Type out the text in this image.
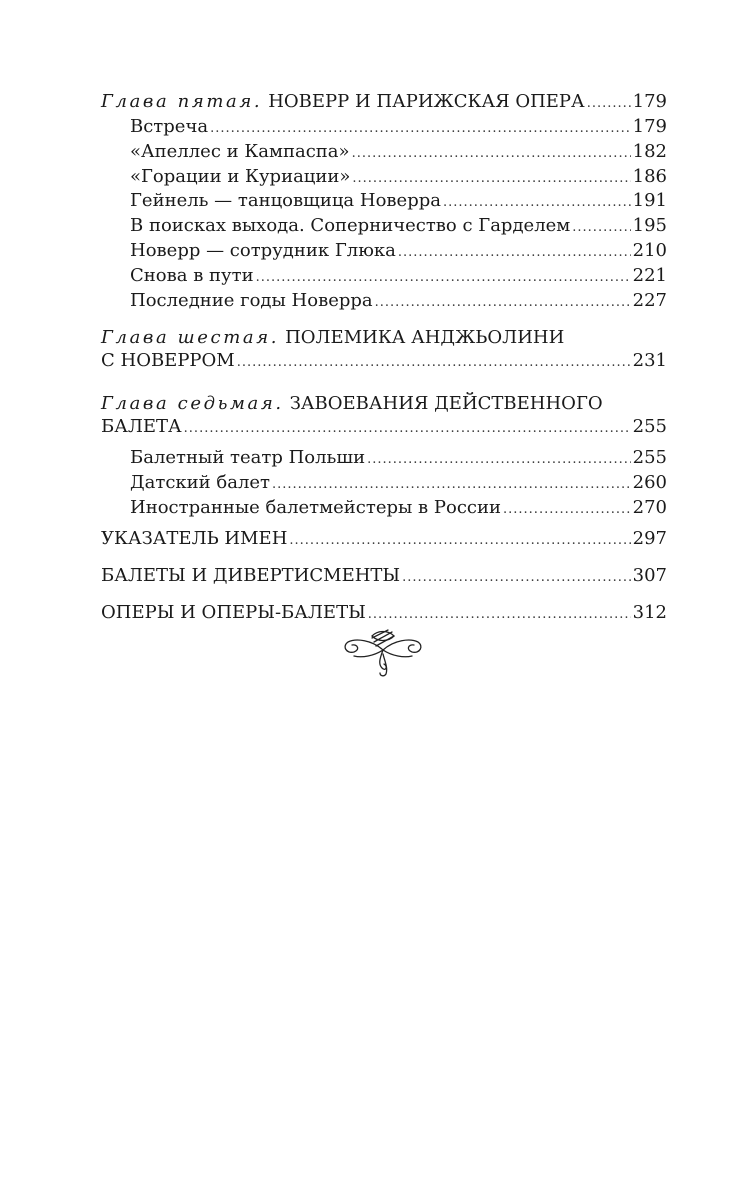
Глава пятая. НОВЕРР И ПАРИЖСКАЯ ОПЕРА .....	179
Встреча .....	179
«Апеллес и Кампаспа» .....	182
«Горации и Куриации» .....	186
Гейнель — танцовщица Новерра .....	191
В поисках выхода. Соперничество с Гарделем .....	195
Новерр — сотрудник Глюка .....	210
Снова в пути .....	221
Последние годы Новерра .....	227
Глава шестая. ПОЛЕМИКА АНДЖЬОЛИНИ
С НОВЕРРОМ .....	231
Глава седьмая. ЗАВОЕВАНИЯ ДЕЙСТВЕННОГО
БАЛЕТА .....	255
Балетный театр Польши .....	255
Датский балет .....	260
Иностранные балетмейстеры в России .....	270
УКАЗАТЕЛЬ ИМЕН .....	297
БАЛЕТЫ И ДИВЕРТИСМЕНТЫ .....	307
ОПЕРЫ И ОПЕРЫ-БАЛЕТЫ .....	312
